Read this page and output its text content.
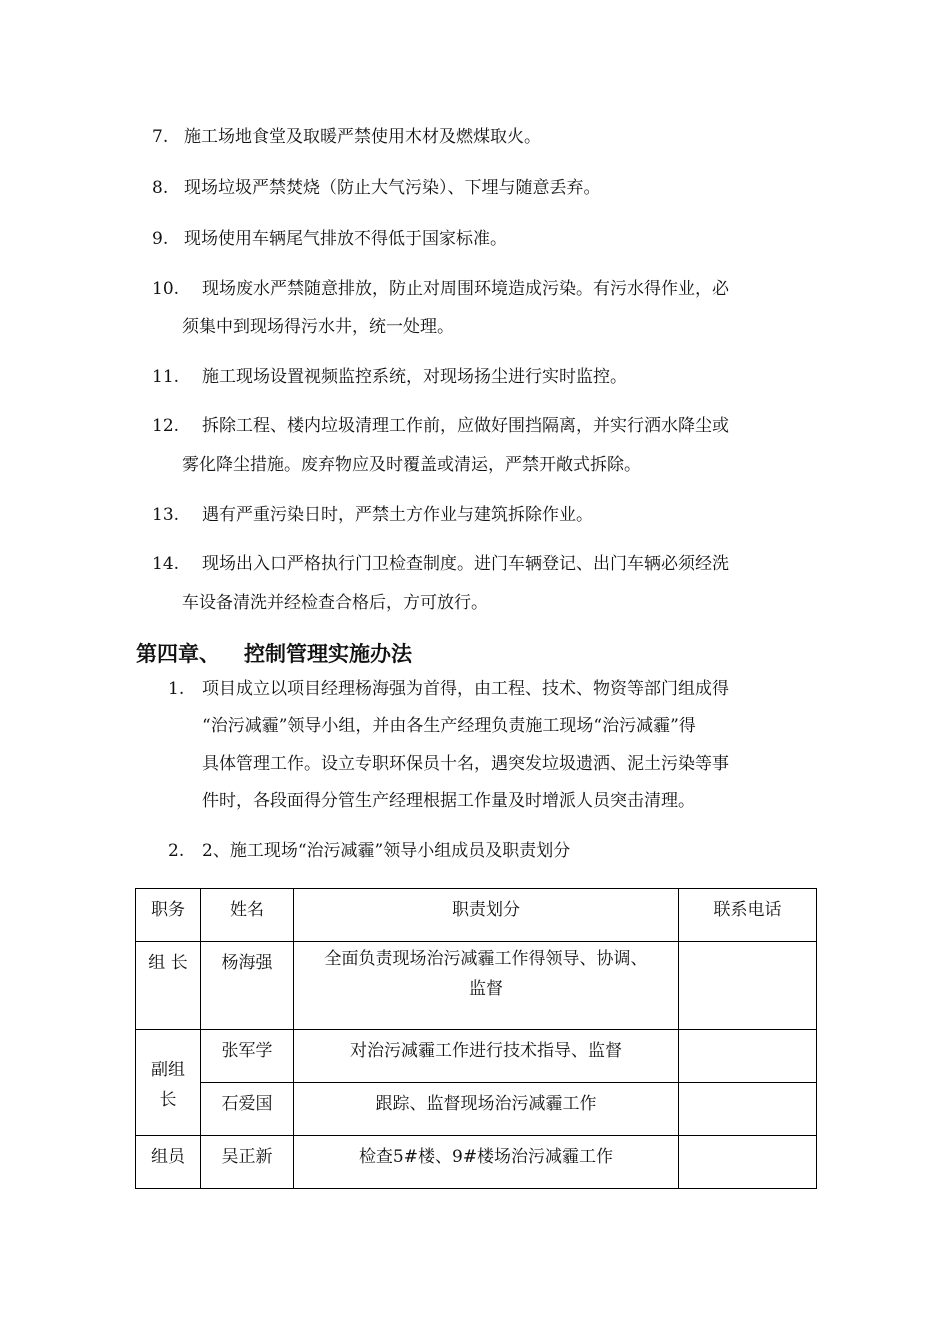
7. 施工场地食堂及取暖严禁使用木材及燃煤取火。
8. 现场垃圾严禁焚烧（防止大气污染）、下埋与随意丢弃。
9. 现场使用车辆尾气排放不得低于国家标准。
10. 现场废水严禁随意排放，防止对周围环境造成污染。有污水得作业，必
须集中到现场得污水井，统一处理。
11. 施工现场设置视频监控系统，对现场扬尘进行实时监控。
12. 拆除工程、楼内垃圾清理工作前，应做好围挡隔离，并实行洒水降尘或
雾化降尘措施。废弃物应及时覆盖或清运，严禁开敞式拆除。
13. 遇有严重污染日时，严禁土方作业与建筑拆除作业。
14. 现场出入口严格执行门卫检查制度。进门车辆登记、出门车辆必须经洗
车设备清洗并经检查合格后，方可放行。
第四章、 控制管理实施办法
1. 项目成立以项目经理杨海强为首得，由工程、技术、物资等部门组成得
“治污减霾”领导小组，并由各生产经理负责施工现场“治污减霾”得
具体管理工作。设立专职环保员十名，遇突发垃圾遗洒、泥土污染等事
件时，各段面得分管生产经理根据工作量及时增派人员突击清理。
2. 2、施工现场“治污减霾”领导小组成员及职责划分
职务	姓名	职责划分	联系电话
组 长	杨海强	全面负责现场治污减霾工作得领导、协调、
监督	

副组
长	张军学	对治污减霾工作进行技术指导、监督	
	石爱国	跟踪、监督现场治污减霾工作	
组员	吴正新	检查5#楼、9#楼场治污减霾工作	
